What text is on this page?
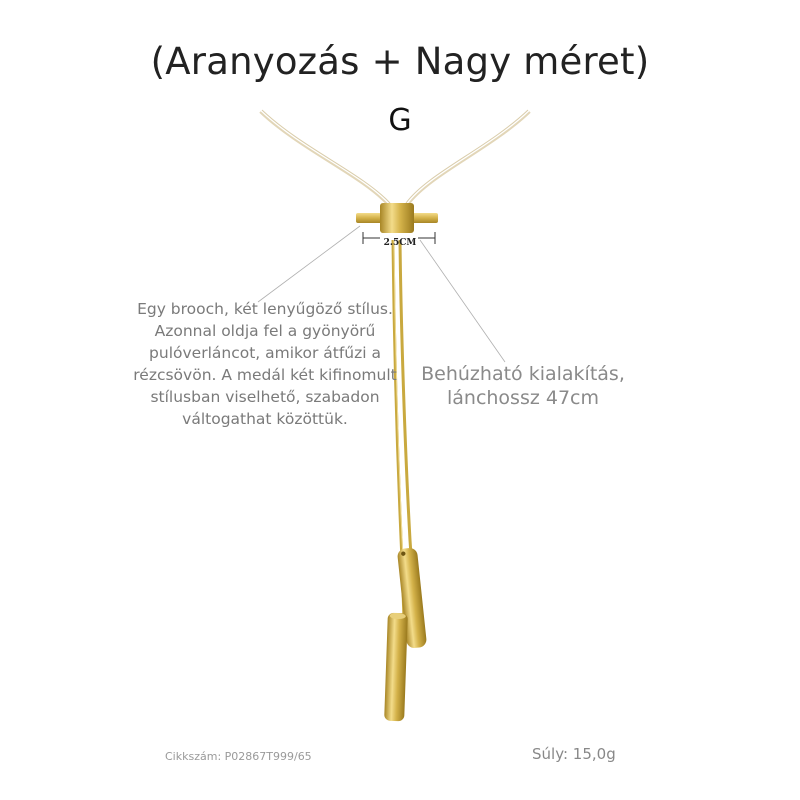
(Aranyozás + Nagy méret)
G
2.5CM
Egy brooch, két lenyűgöző stílus. Azonnal oldja fel a gyönyörű pulóverláncot, amikor átfűzi a rézcsövön. A medál két kifinomult stílusban viselhető, szabadon váltogathat közöttük.
Behúzható kialakítás, lánchossz 47cm
Cikkszám: P02867T999/65	Súly: 15,0g
